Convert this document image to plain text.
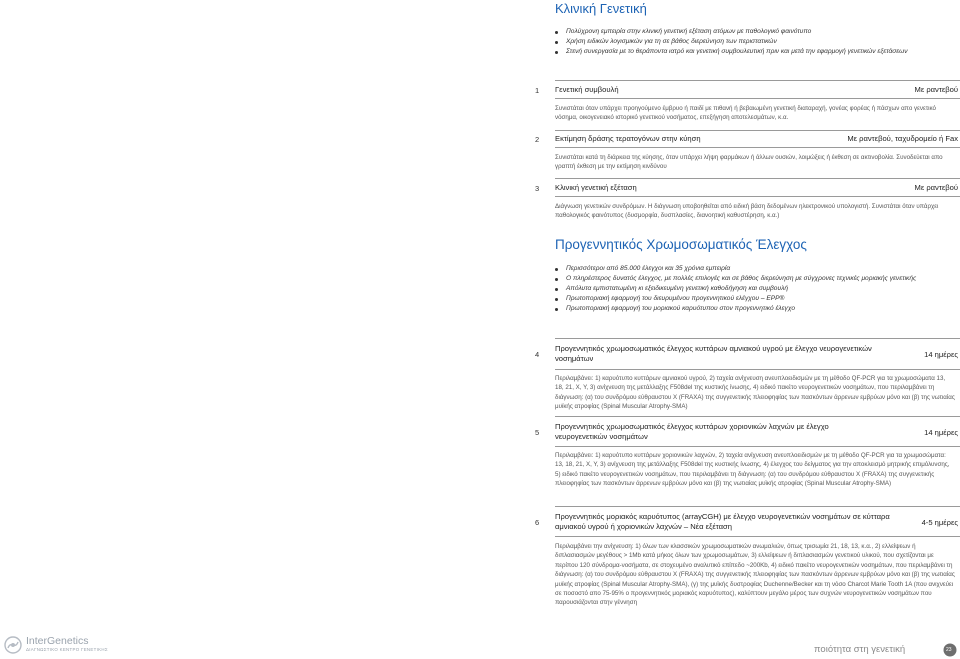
Κλινική Γενετική
Πολύχρονη εμπειρία στην κλινική γενετική εξέταση ατόμων με παθολογικό φαινότυπο
Χρήση ειδικών λογισμικών για τη σε βάθος διερεύνηση των περιστατικών
Στενή συνεργασία με το θεράποντα ιατρό και γενετική συμβουλευτική πριν και μετά την εφαρμογή γενετικών εξετάσεων
1 Γενετική συμβουλή	Με ραντεβού
Συνιστάται όταν υπάρχει προηγούμενο έμβρυο ή παιδί με πιθανή ή βεβαιωμένη γενετική διαταραχή, γονέας φορέας ή πάσχων απο γενετικό νόσημα, οικογενειακό ιστορικό γενετικού νοσήματος, επεξήγηση αποτελεσμάτων, κ.α.
2 Εκτίμηση δράσης τερατογόνων στην κύηση	Με ραντεβού, ταχυδρομείο ή Fax
Συνιστάται κατά τη διάρκεια της κύησης, όταν υπάρχει λήψη φαρμάκων ή άλλων ουσιών, λοιμώξεις ή έκθεση σε ακτινοβολία. Συνοδεύεται απο γραπτή έκθεση με την εκτίμηση κινδύνου
3 Κλινική γενετική εξέταση	Με ραντεβού
Διάγνωση γενετικών συνδρόμων. Η διάγνωση υποβοηθείται από ειδική βάση δεδομένων ηλεκτρονικού υπολογιστή. Συνιστάται όταν υπάρχει παθολογικός φαινότυπος (δυσμορφία, δυσπλασίες, διανοητική καθυστέρηση, κ.α.)
Προγεννητικός Χρωμοσωματικός Έλεγχος
Περισσότεροι από 85.000 έλεγχοι και 35 χρόνια εμπειρία
Ο πληρέστερος δυνατός έλεγχος, με πολλές επιλογές και σε βάθος διερεύνηση με σύγχρονες τεχνικές μοριακής γενετικής
Απόλυτα εμπιστατωμένη κι εξειδικευμένη γενετική καθοδήγηση και συμβουλή
Πρωτοποριακή εφαρμογή του διευρυμένου προγεννητικού ελέγχου – EPP®
Πρωτοποριακή εφαρμογή του μοριακού καρυότυπου στον προγεννητικό έλεγχο
4
Προγεννητικός χρωμοσωματικός έλεγχος κυττάρων αμνιακού υγρού με έλεγχο νευρογενετικών νοσημάτων	14 ημέρες
Περιλαμβάνει: 1) καρυότυπο κυττάρων αμνιακού υγρού, 2) ταχεία ανίχνευση ανευπλοειδισμών με τη μέθοδο QF-PCR για τα χρωμοσώματα 13, 18, 21, X, Y, 3) ανίχνευση της μετάλλαξης F508del της κυστικής ίνωσης, 4) ειδικό πακέτο νευρογενετικών νοσημάτων, που περιλαμβάνει τη διάγνωση: (α) του συνδρόμου εύθραυστου X (FRAXA) της συγγενετικής πλειοφηφίας των πασκόντων άρρενων εμβρύων μόνο και (β) της νωτιαίας μυϊκής ατροφίας (Spinal Muscular Atrophy-SMA)
5
Προγεννητικός χρωμοσωματικός έλεγχος κυττάρων χοριονικών λαχνών με έλεγχο νευρογενετικών νοσημάτων	14 ημέρες
Περιλαμβάνει: 1) καρυότυπο κυττάρων χοριονικών λαχνών, 2) ταχεία ανίχνευση ανευπλοειδισμών με τη μέθοδο QF-PCR για τα χρωμοσώματα: 13, 18, 21, X, Y, 3) ανίχνευση της μετάλλαξης F508del της κυστικής ίνωσης, 4) έλεγχος του δείγματος για την αποκλεισμό μητρικής επιμόλυνσης, 5) ειδικό πακέτο νευρογενετικών νοσημάτων, που περιλαμβάνει τη διάγνωση: (α) του συνδρόμου εύθραυστου X (FRAXA) της συγγενετικής πλειοφηφίας των πασκόντων άρρενων εμβρύων μόνο και (β) της νωτιαίας μυϊκής ατροφίας (Spinal Muscular Atrophy-SMA)
6
Προγεννητικός μοριακός καρυότυπος (arrayCGH) με έλεγχο νευρογενετικών νοσημάτων σε κύτταρα αμνιακού υγρού ή χοριονικών λαχνών – Νέα εξέταση	4-5 ημέρες
Περιλαμβάνει την ανίχνευση: 1) όλων των κλασσικών χρωμοσωματικών ανωμαλιών, όπως τρισωμία 21, 18, 13, κ.α., 2) ελλείψεων ή διπλασιασμών μεγέθους > 1Mb κατά μήκος όλων των χρωμοσωμάτων, 3) ελλείψεων ή διπλασιασμών γενετικού υλικού, που σχετίζονται με περίπου 120 σύνδρομα-νοσήματα, σε στοχευμένο αναλυτικό επίπεδο ~200Kb, 4) ειδικό πακέτο νευρογενετικών νοσημάτων, που περιλαμβάνει τη διάγνωση: (α) του συνδρόμου εύθραυστου X (FRAXA) της συγγενετικής πλειοφηφίας των πασκόντων άρρενων εμβρύων μόνο και (β) της νωτιαίας μυϊκής ατροφίας (Spinal Muscular Atrophy-SMA), (γ) της μυϊκής δυστροφίας Duchenne/Becker και τη νόσο Charcot Marie Tooth 1A (που ανιχνεύει σε ποσοστό απο 75-95% ο προγεννητικός μοριακός καρυότυπος), καλύπτουν μεγάλο μέρος των συχνών νευρογενετικών νοσημάτων που παρουσιάζονται στην γέννηση
InterGenetics
ΔΙΑΓΝΩΣΤΙΚΟ ΚΕΝΤΡΟ ΓΕΝΕΤΙΚΗΣ	ποιότητα στη γενετική	23
